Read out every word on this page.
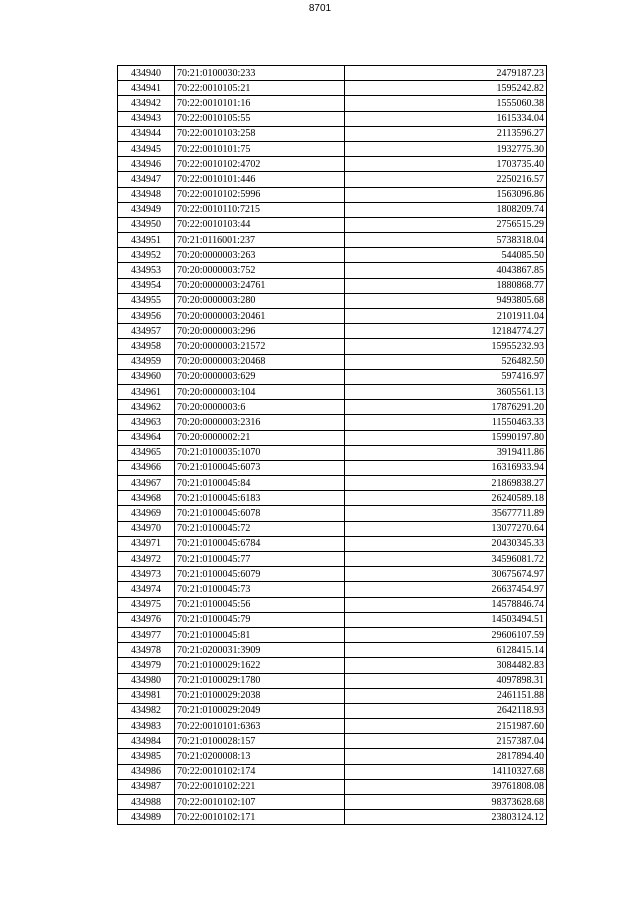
8701
434940	70:21:0100030:233	2479187.23
434941	70:22:0010105:21	1595242.82
434942	70:22:0010101:16	1555060.38
434943	70:22:0010105:55	1615334.04
434944	70:22:0010103:258	2113596.27
434945	70:22:0010101:75	1932775.30
434946	70:22:0010102:4702	1703735.40
434947	70:22:0010101:446	2250216.57
434948	70:22:0010102:5996	1563096.86
434949	70:22:0010110:7215	1808209.74
434950	70:22:0010103:44	2756515.29
434951	70:21:0116001:237	5738318.04
434952	70:20:0000003:263	544085.50
434953	70:20:0000003:752	4043867.85
434954	70:20:0000003:24761	1880868.77
434955	70:20:0000003:280	9493805.68
434956	70:20:0000003:20461	2101911.04
434957	70:20:0000003:296	12184774.27
434958	70:20:0000003:21572	15955232.93
434959	70:20:0000003:20468	526482.50
434960	70:20:0000003:629	597416.97
434961	70:20:0000003:104	3605561.13
434962	70:20:0000003:6	17876291.20
434963	70:20:0000003:2316	11550463.33
434964	70:20:0000002:21	15990197.80
434965	70:21:0100035:1070	3919411.86
434966	70:21:0100045:6073	16316933.94
434967	70:21:0100045:84	21869838.27
434968	70:21:0100045:6183	26240589.18
434969	70:21:0100045:6078	35677711.89
434970	70:21:0100045:72	13077270.64
434971	70:21:0100045:6784	20430345.33
434972	70:21:0100045:77	34596081.72
434973	70:21:0100045:6079	30675674.97
434974	70:21:0100045:73	26637454.97
434975	70:21:0100045:56	14578846.74
434976	70:21:0100045:79	14503494.51
434977	70:21:0100045:81	29606107.59
434978	70:21:0200031:3909	6128415.14
434979	70:21:0100029:1622	3084482.83
434980	70:21:0100029:1780	4097898.31
434981	70:21:0100029:2038	2461151.88
434982	70:21:0100029:2049	2642118.93
434983	70:22:0010101:6363	2151987.60
434984	70:21:0100028:157	2157387.04
434985	70:21:0200008:13	2817894.40
434986	70:22:0010102:174	14110327.68
434987	70:22:0010102:221	39761808.08
434988	70:22:0010102:107	98373628.68
434989	70:22:0010102:171	23803124.12
